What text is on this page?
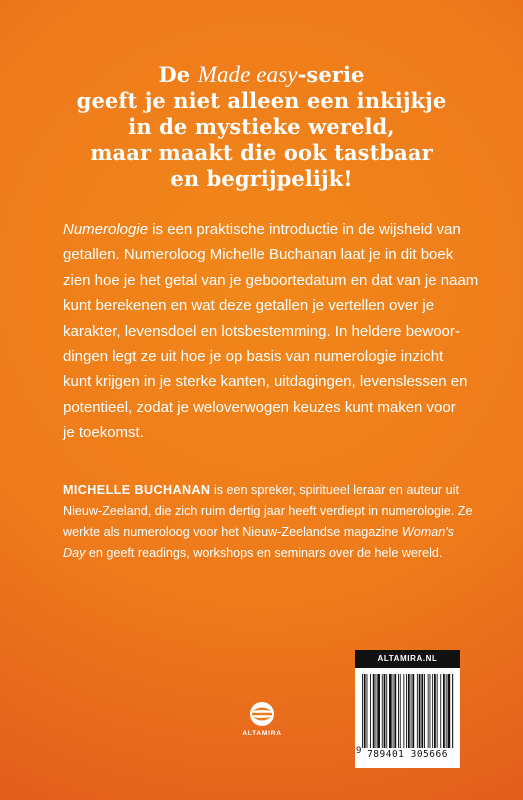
De Made easy-serie
geeft je niet alleen een inkijkje
in de mystieke wereld,
maar maakt die ook tastbaar
en begrijpelijk!
Numerologie is een praktische introductie in de wijsheid van
getallen. Numeroloog Michelle Buchanan laat je in dit boek
zien hoe je het getal van je geboortedatum en dat van je naam
kunt berekenen en wat deze getallen je vertellen over je
karakter, levensdoel en lotsbestemming. In heldere bewoor-
dingen legt ze uit hoe je op basis van numerologie inzicht
kunt krijgen in je sterke kanten, uitdagingen, levenslessen en
potentieel, zodat je weloverwogen keuzes kunt maken voor
je toekomst.
MICHELLE BUCHANAN is een spreker, spiritueel leraar en auteur uit
Nieuw-Zeeland, die zich ruim dertig jaar heeft verdiept in numerologie. Ze
werkte als numeroloog voor het Nieuw-Zeelandse magazine Woman's
Day en geeft readings, workshops en seminars over de hele wereld.
ALTAMIRA
ALTAMIRA.NL
9 789401 305666
